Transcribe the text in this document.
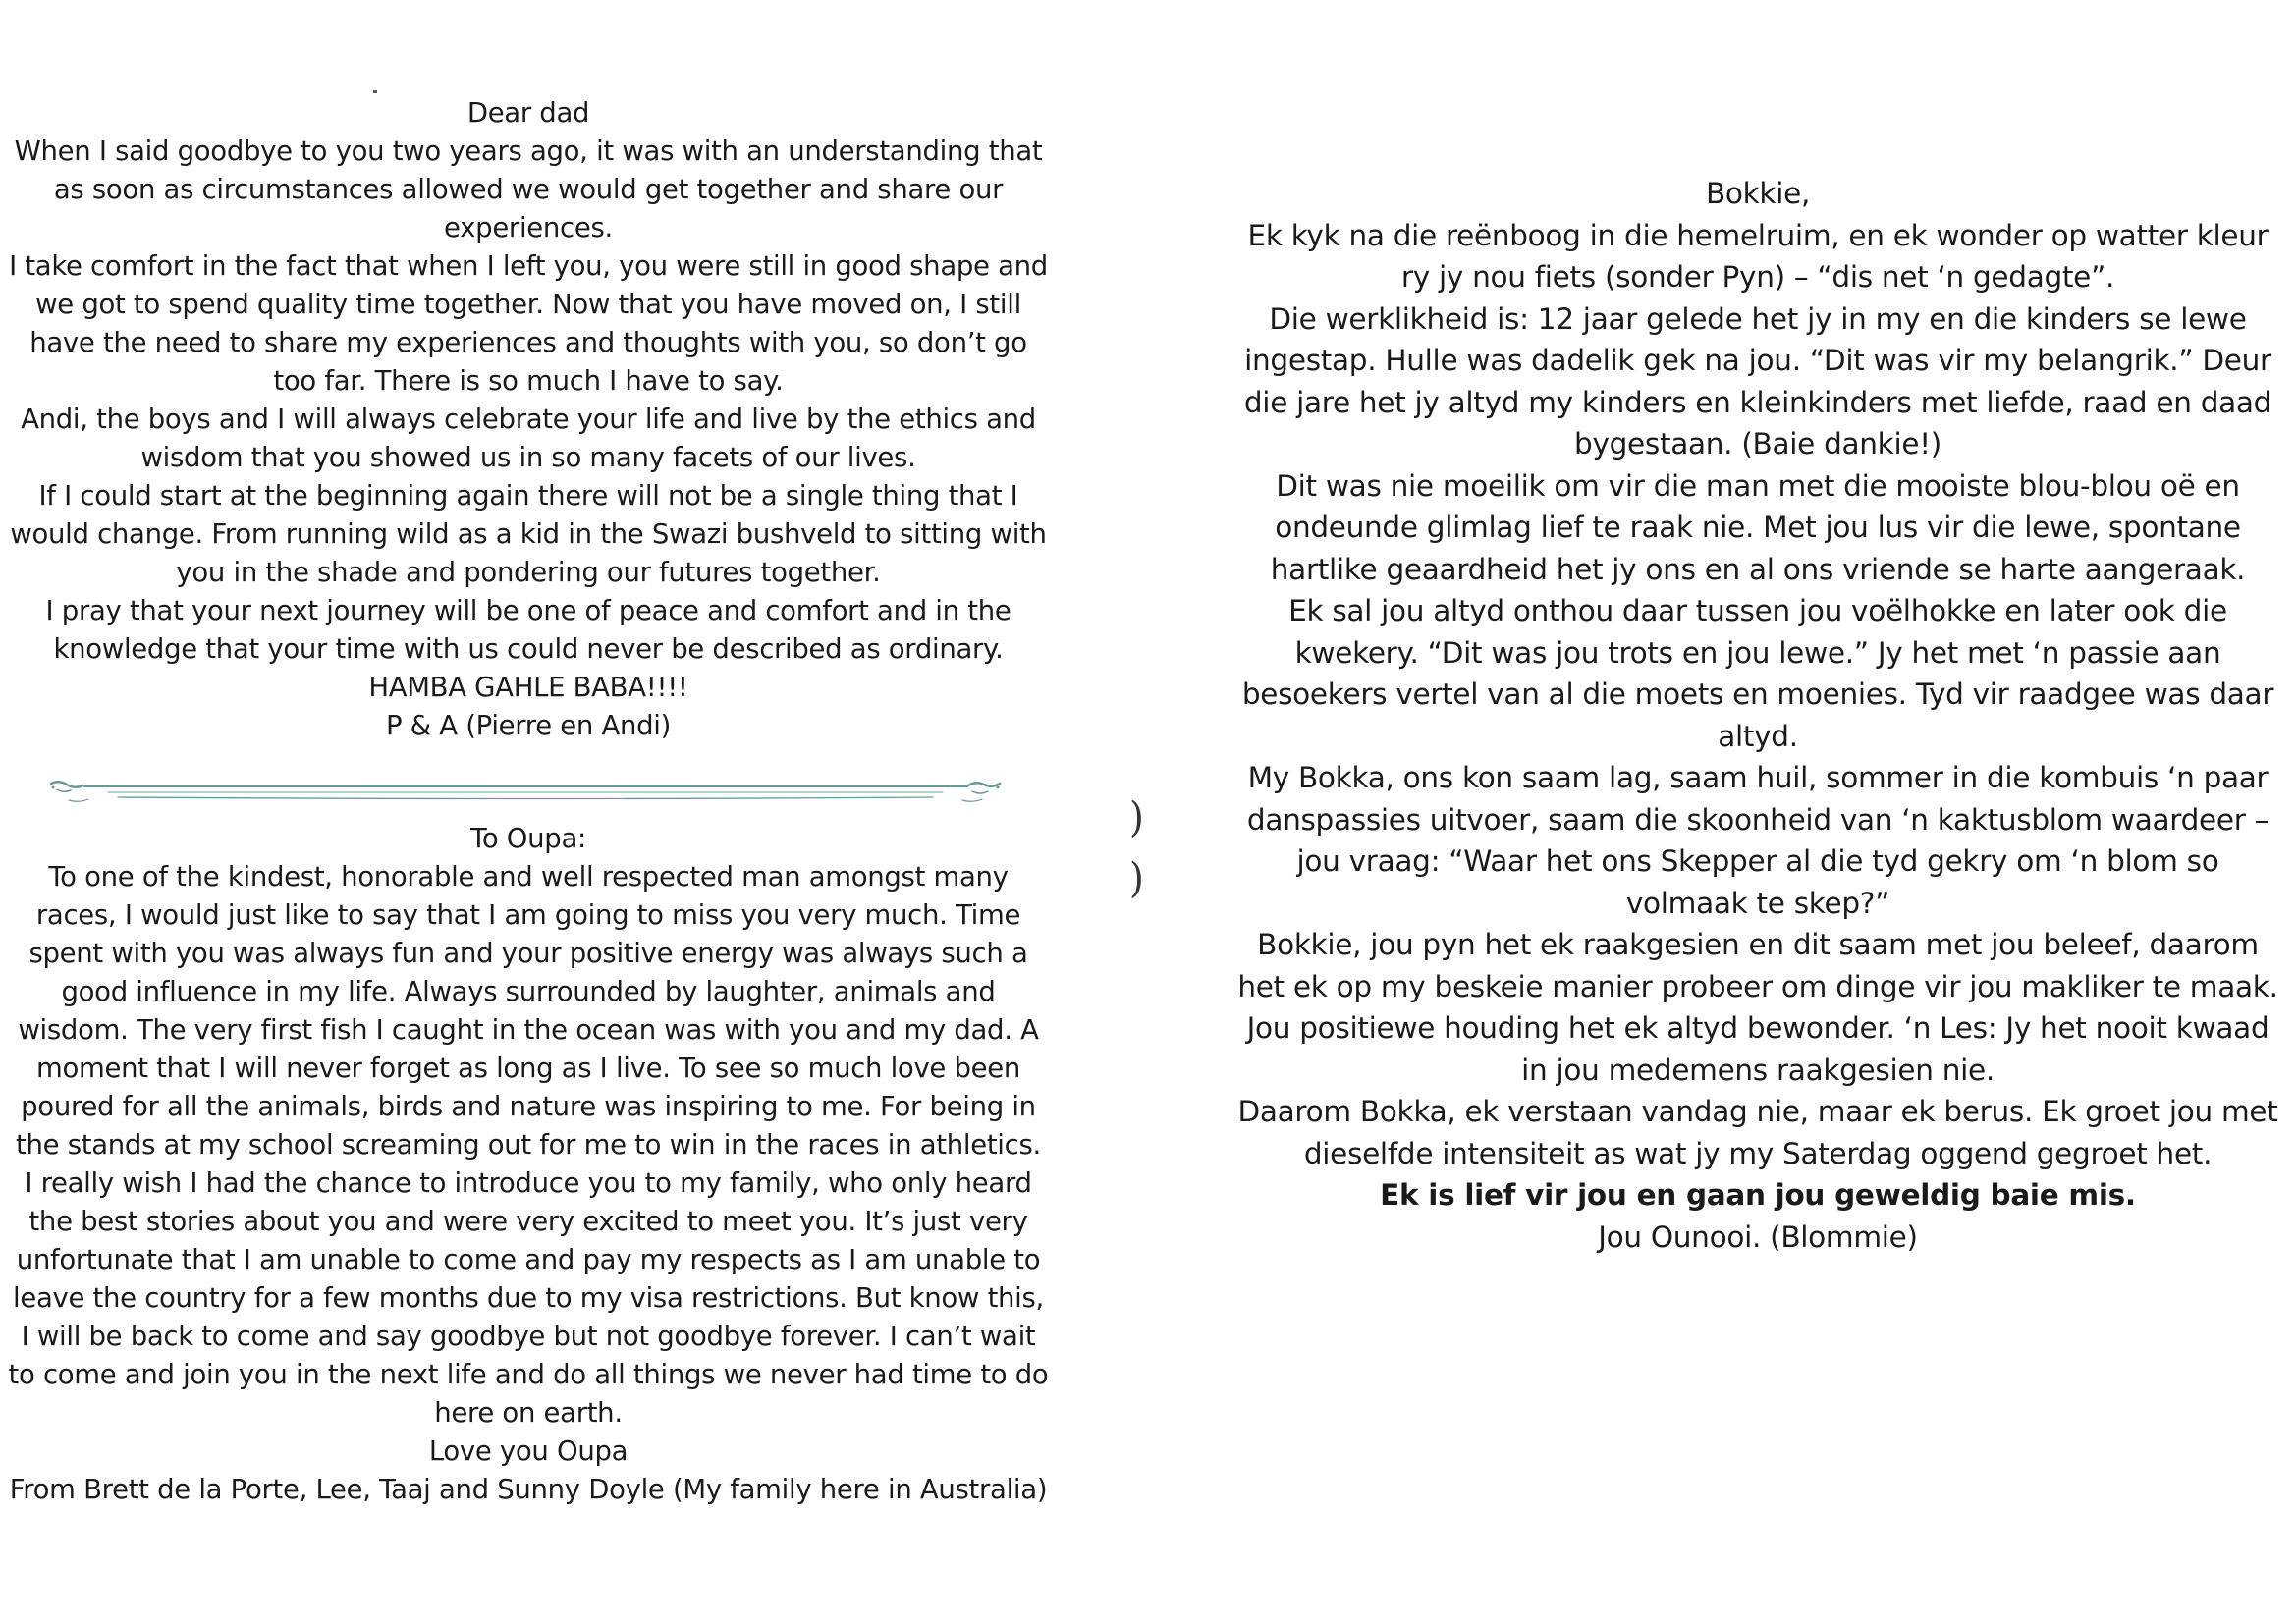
Dear dad

When I said goodbye to you two years ago, it was with an understanding that as soon as circumstances allowed we would get together and share our experiences.

I take comfort in the fact that when I left you, you were still in good shape and we got to spend quality time together. Now that you have moved on, I still have the need to share my experiences and thoughts with you, so don’t go too far. There is so much I have to say.

Andi, the boys and I will always celebrate your life and live by the ethics and wisdom that you showed us in so many facets of our lives.

If I could start at the beginning again there will not be a single thing that I would change. From running wild as a kid in the Swazi bushveld to sitting with you in the shade and pondering our futures together.

I pray that your next journey will be one of peace and comfort and in the knowledge that your time with us could never be described as ordinary.

HAMBA GAHLE BABA!!!!

P & A (Pierre en Andi)

To Oupa:

To one of the kindest, honorable and well respected man amongst many races, I would just like to say that I am going to miss you very much. Time spent with you was always fun and your positive energy was always such a good influence in my life. Always surrounded by laughter, animals and wisdom. The very first fish I caught in the ocean was with you and my dad. A moment that I will never forget as long as I live. To see so much love been poured for all the animals, birds and nature was inspiring to me. For being in the stands at my school screaming out for me to win in the races in athletics. I really wish I had the chance to introduce you to my family, who only heard the best stories about you and were very excited to meet you. It’s just very unfortunate that I am unable to come and pay my respects as I am unable to leave the country for a few months due to my visa restrictions. But know this, I will be back to come and say goodbye but not goodbye forever. I can’t wait to come and join you in the next life and do all things we never had time to do here on earth.

Love you Oupa

From Brett de la Porte, Lee, Taaj and Sunny Doyle (My family here in Australia)

)
)

Bokkie,

Ek kyk na die reënboog in die hemelruim, en ek wonder op watter kleur ry jy nou fiets (sonder Pyn) – “dis net ‘n gedagte”.

Die werklikheid is: 12 jaar gelede het jy in my en die kinders se lewe ingestap. Hulle was dadelik gek na jou. “Dit was vir my belangrik.” Deur die jare het jy altyd my kinders en kleinkinders met liefde, raad en daad bygestaan. (Baie dankie!)

Dit was nie moeilik om vir die man met die mooiste blou-blou oë en ondeunde glimlag lief te raak nie. Met jou lus vir die lewe, spontane hartlike geaardheid het jy ons en al ons vriende se harte aangeraak.

Ek sal jou altyd onthou daar tussen jou voëlhokke en later ook die kwekery. “Dit was jou trots en jou lewe.” Jy het met ‘n passie aan besoekers vertel van al die moets en moenies. Tyd vir raadgee was daar altyd.

My Bokka, ons kon saam lag, saam huil, sommer in die kombuis ‘n paar danspassies uitvoer, saam die skoonheid van ‘n kaktusblom waardeer – jou vraag: “Waar het ons Skepper al die tyd gekry om ‘n blom so volmaak te skep?”

Bokkie, jou pyn het ek raakgesien en dit saam met jou beleef, daarom het ek op my beskeie manier probeer om dinge vir jou makliker te maak. Jou positiewe houding het ek altyd bewonder. ‘n Les: Jy het nooit kwaad in jou medemens raakgesien nie.

Daarom Bokka, ek verstaan vandag nie, maar ek berus. Ek groet jou met dieselfde intensiteit as wat jy my Saterdag oggend gegroet het.

Ek is lief vir jou en gaan jou geweldig baie mis.

Jou Ounooi. (Blommie)
